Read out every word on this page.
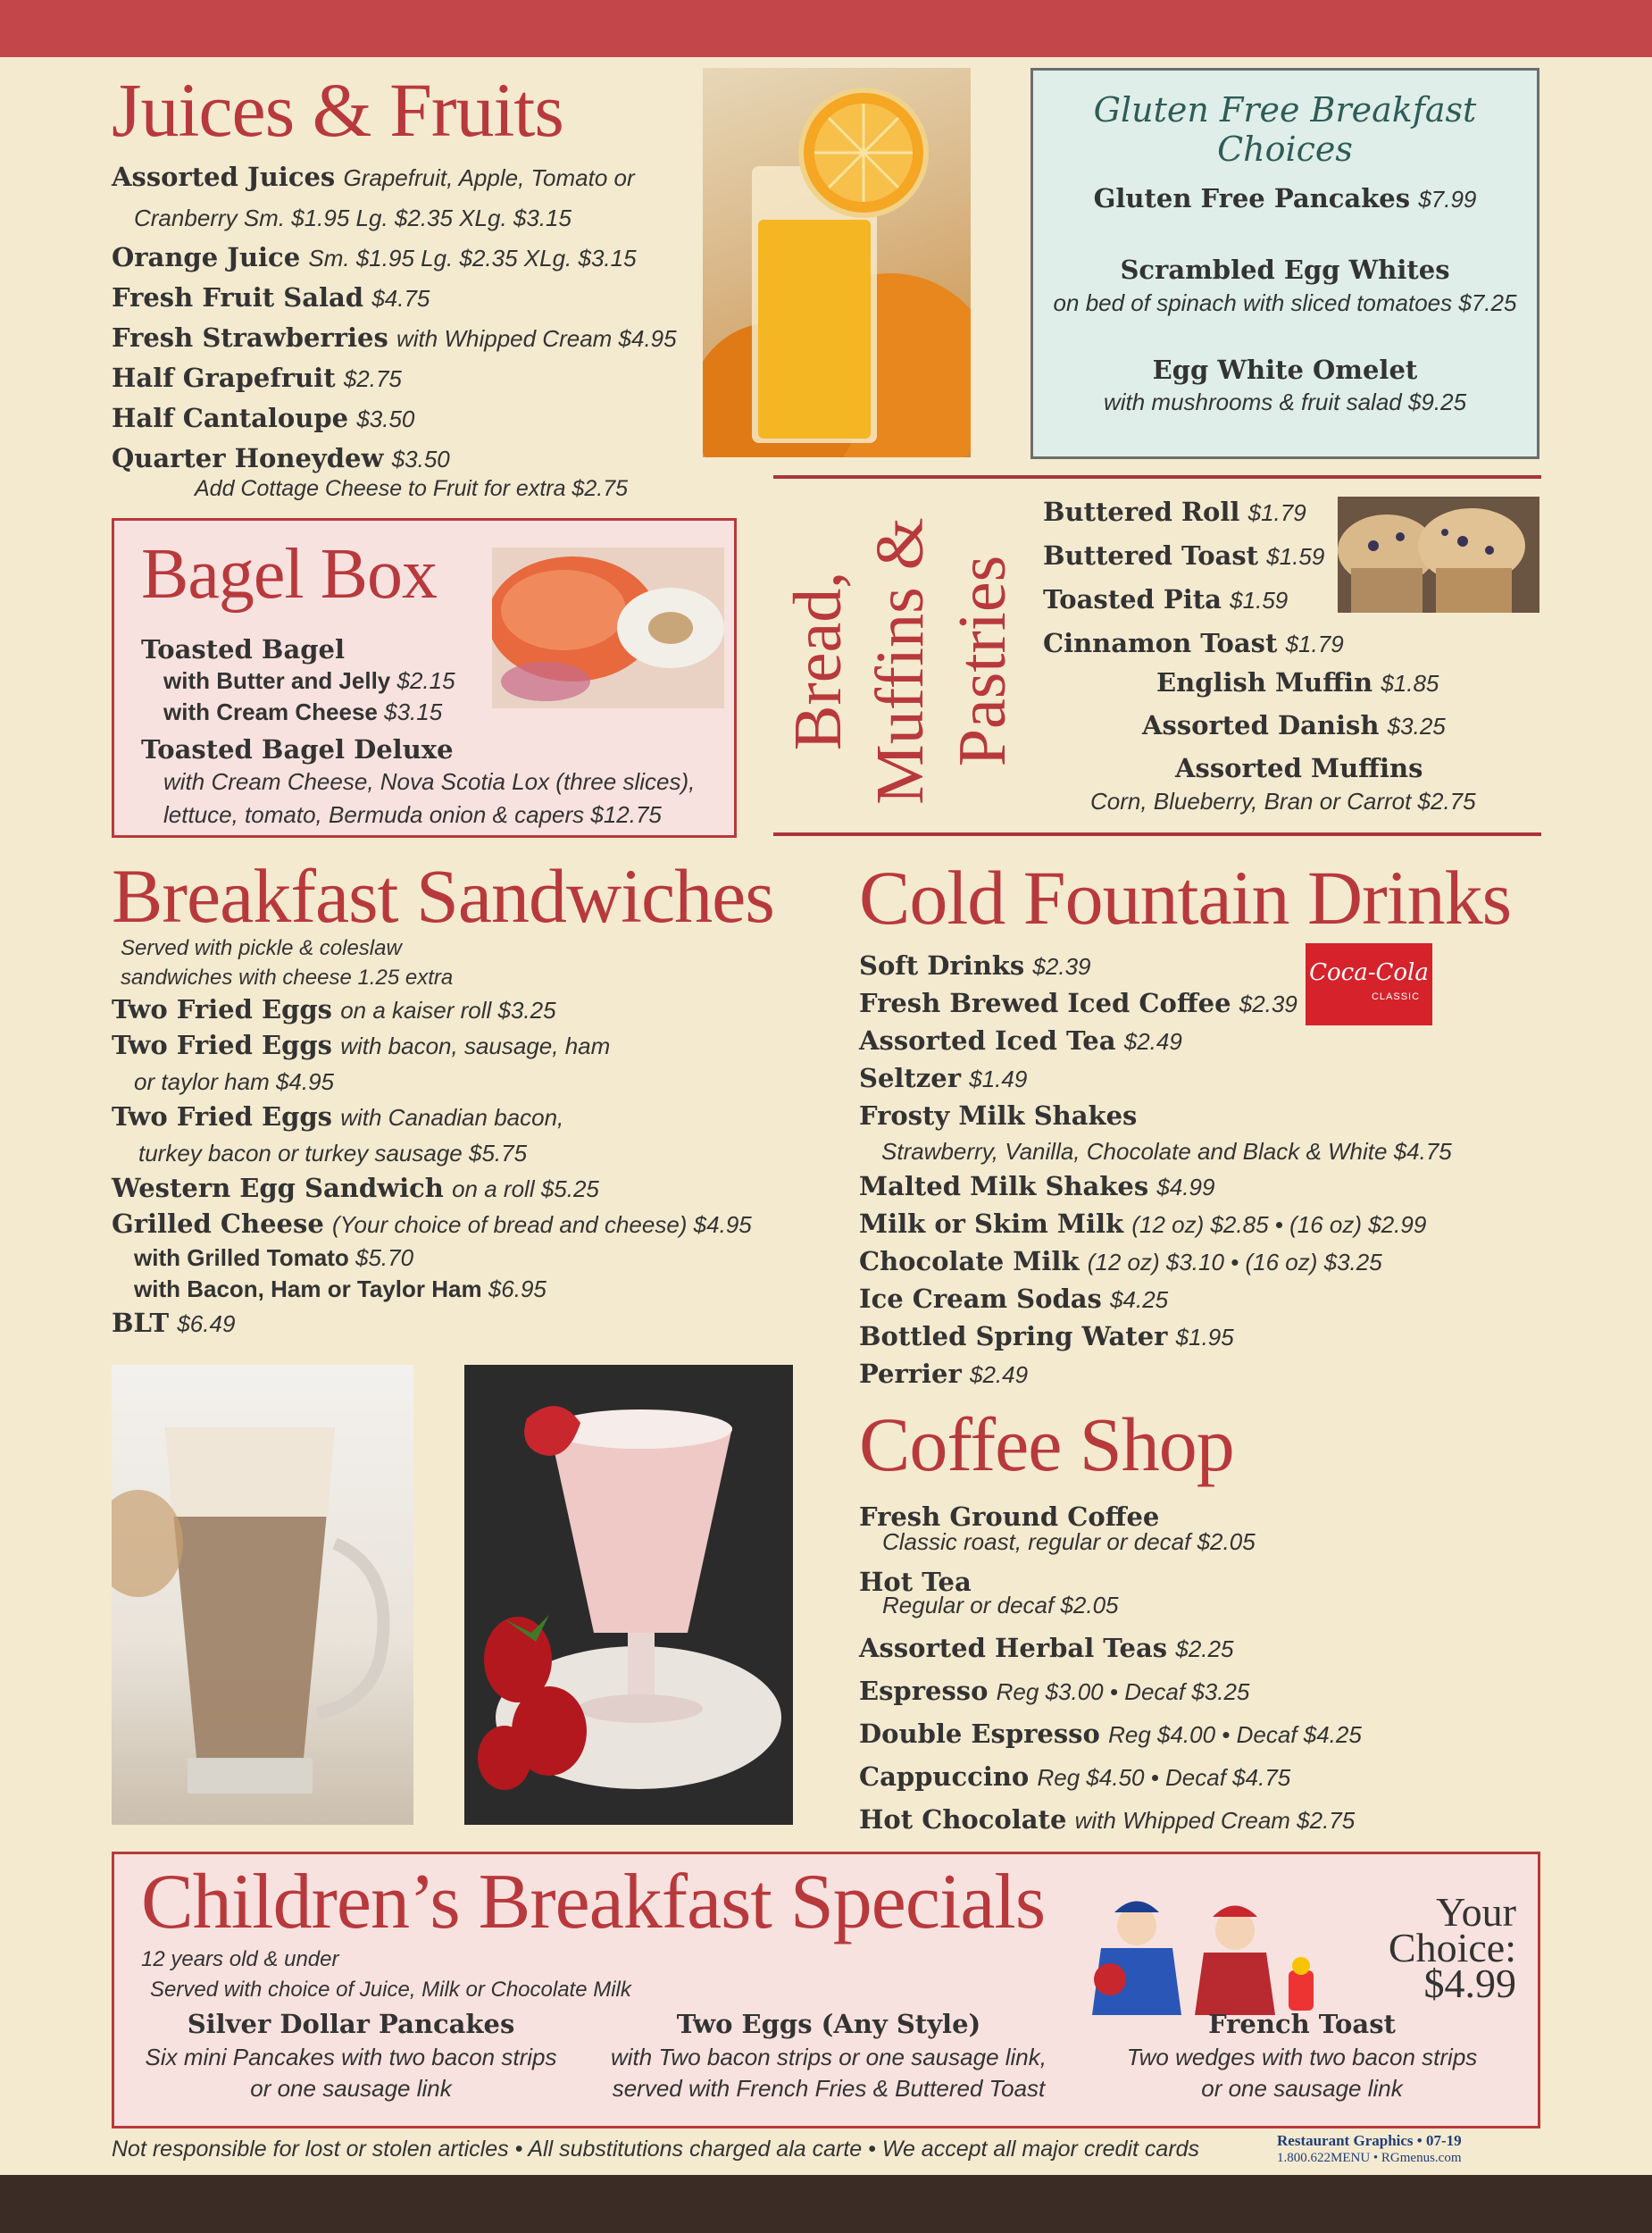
Juices & Fruits
Assorted Juices Grapefruit, Apple, Tomato or
Cranberry Sm. $1.95 Lg. $2.35 XLg. $3.15
Orange Juice Sm. $1.95 Lg. $2.35 XLg. $3.15
Fresh Fruit Salad $4.75
Fresh Strawberries with Whipped Cream $4.95
Half Grapefruit $2.75
Half Cantaloupe $3.50
Quarter Honeydew $3.50
Add Cottage Cheese to Fruit for extra $2.75
Gluten Free Breakfast Choices
Gluten Free Pancakes $7.99
Scrambled Egg Whites
on bed of spinach with sliced tomatoes $7.25
Egg White Omelet
with mushrooms & fruit salad $9.25
Bagel Box
Toasted Bagel
with Butter and Jelly $2.15
with Cream Cheese $3.15
Toasted Bagel Deluxe
with Cream Cheese, Nova Scotia Lox (three slices),
lettuce, tomato, Bermuda onion & capers $12.75
Bread, Muffins & Pastries
Buttered Roll $1.79
Buttered Toast $1.59
Toasted Pita $1.59
Cinnamon Toast $1.79
English Muffin $1.85
Assorted Danish $3.25
Assorted Muffins
Corn, Blueberry, Bran or Carrot $2.75
Breakfast Sandwiches
Served with pickle & coleslaw
sandwiches with cheese 1.25 extra
Two Fried Eggs on a kaiser roll $3.25
Two Fried Eggs with bacon, sausage, ham
or taylor ham $4.95
Two Fried Eggs with Canadian bacon,
turkey bacon or turkey sausage $5.75
Western Egg Sandwich on a roll $5.25
Grilled Cheese (Your choice of bread and cheese) $4.95
with Grilled Tomato $5.70
with Bacon, Ham or Taylor Ham $6.95
BLT $6.49
Cold Fountain Drinks
Soft Drinks $2.39
Fresh Brewed Iced Coffee $2.39
Assorted Iced Tea $2.49
Seltzer $1.49
Frosty Milk Shakes
Strawberry, Vanilla, Chocolate and Black & White $4.75
Malted Milk Shakes $4.99
Milk or Skim Milk (12 oz) $2.85 • (16 oz) $2.99
Chocolate Milk (12 oz) $3.10 • (16 oz) $3.25
Ice Cream Sodas $4.25
Bottled Spring Water $1.95
Perrier $2.49
Coca-Cola
CLASSIC
Coffee Shop
Fresh Ground Coffee
Classic roast, regular or decaf $2.05
Hot Tea
Regular or decaf $2.05
Assorted Herbal Teas $2.25
Espresso Reg $3.00 • Decaf $3.25
Double Espresso Reg $4.00 • Decaf $4.25
Cappuccino Reg $4.50 • Decaf $4.75
Hot Chocolate with Whipped Cream $2.75
Children’s Breakfast Specials
12 years old & under
Served with choice of Juice, Milk or Chocolate Milk
Your Choice:
$4.99
Silver Dollar Pancakes
Six mini Pancakes with two bacon strips
or one sausage link
Two Eggs (Any Style)
with Two bacon strips or one sausage link,
served with French Fries & Buttered Toast
French Toast
Two wedges with two bacon strips
or one sausage link
Not responsible for lost or stolen articles • All substitutions charged ala carte • We accept all major credit cards	Restaurant Graphics • 07-19
1.800.622MENU • RGmenus.com
